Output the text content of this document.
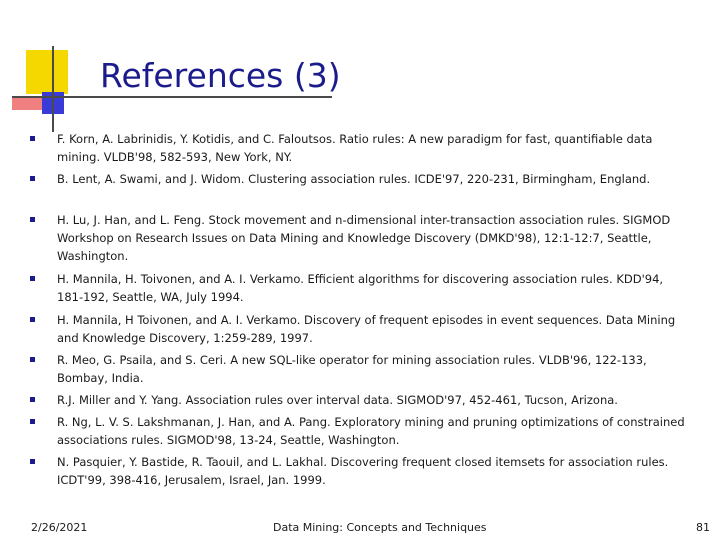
References (3)
F. Korn, A. Labrinidis, Y. Kotidis, and C. Faloutsos. Ratio rules: A new paradigm for fast, quantifiable data mining. VLDB'98, 582-593, New York, NY.
B. Lent, A. Swami, and J. Widom. Clustering association rules. ICDE'97, 220-231, Birmingham, England.
H. Lu, J. Han, and L. Feng. Stock movement and n-dimensional inter-transaction association rules. SIGMOD Workshop on Research Issues on Data Mining and Knowledge Discovery (DMKD'98), 12:1-12:7, Seattle, Washington.
H. Mannila, H. Toivonen, and A. I. Verkamo. Efficient algorithms for discovering association rules. KDD'94, 181-192, Seattle, WA, July 1994.
H. Mannila, H Toivonen, and A. I. Verkamo. Discovery of frequent episodes in event sequences. Data Mining and Knowledge Discovery, 1:259-289, 1997.
R. Meo, G. Psaila, and S. Ceri. A new SQL-like operator for mining association rules. VLDB'96, 122-133, Bombay, India.
R.J. Miller and Y. Yang. Association rules over interval data. SIGMOD'97, 452-461, Tucson, Arizona.
R. Ng, L. V. S. Lakshmanan, J. Han, and A. Pang. Exploratory mining and pruning optimizations of constrained associations rules. SIGMOD'98, 13-24, Seattle, Washington.
N. Pasquier, Y. Bastide, R. Taouil, and L. Lakhal. Discovering frequent closed itemsets for association rules. ICDT'99, 398-416, Jerusalem, Israel, Jan. 1999.
2/26/2021	Data Mining: Concepts and Techniques	81
